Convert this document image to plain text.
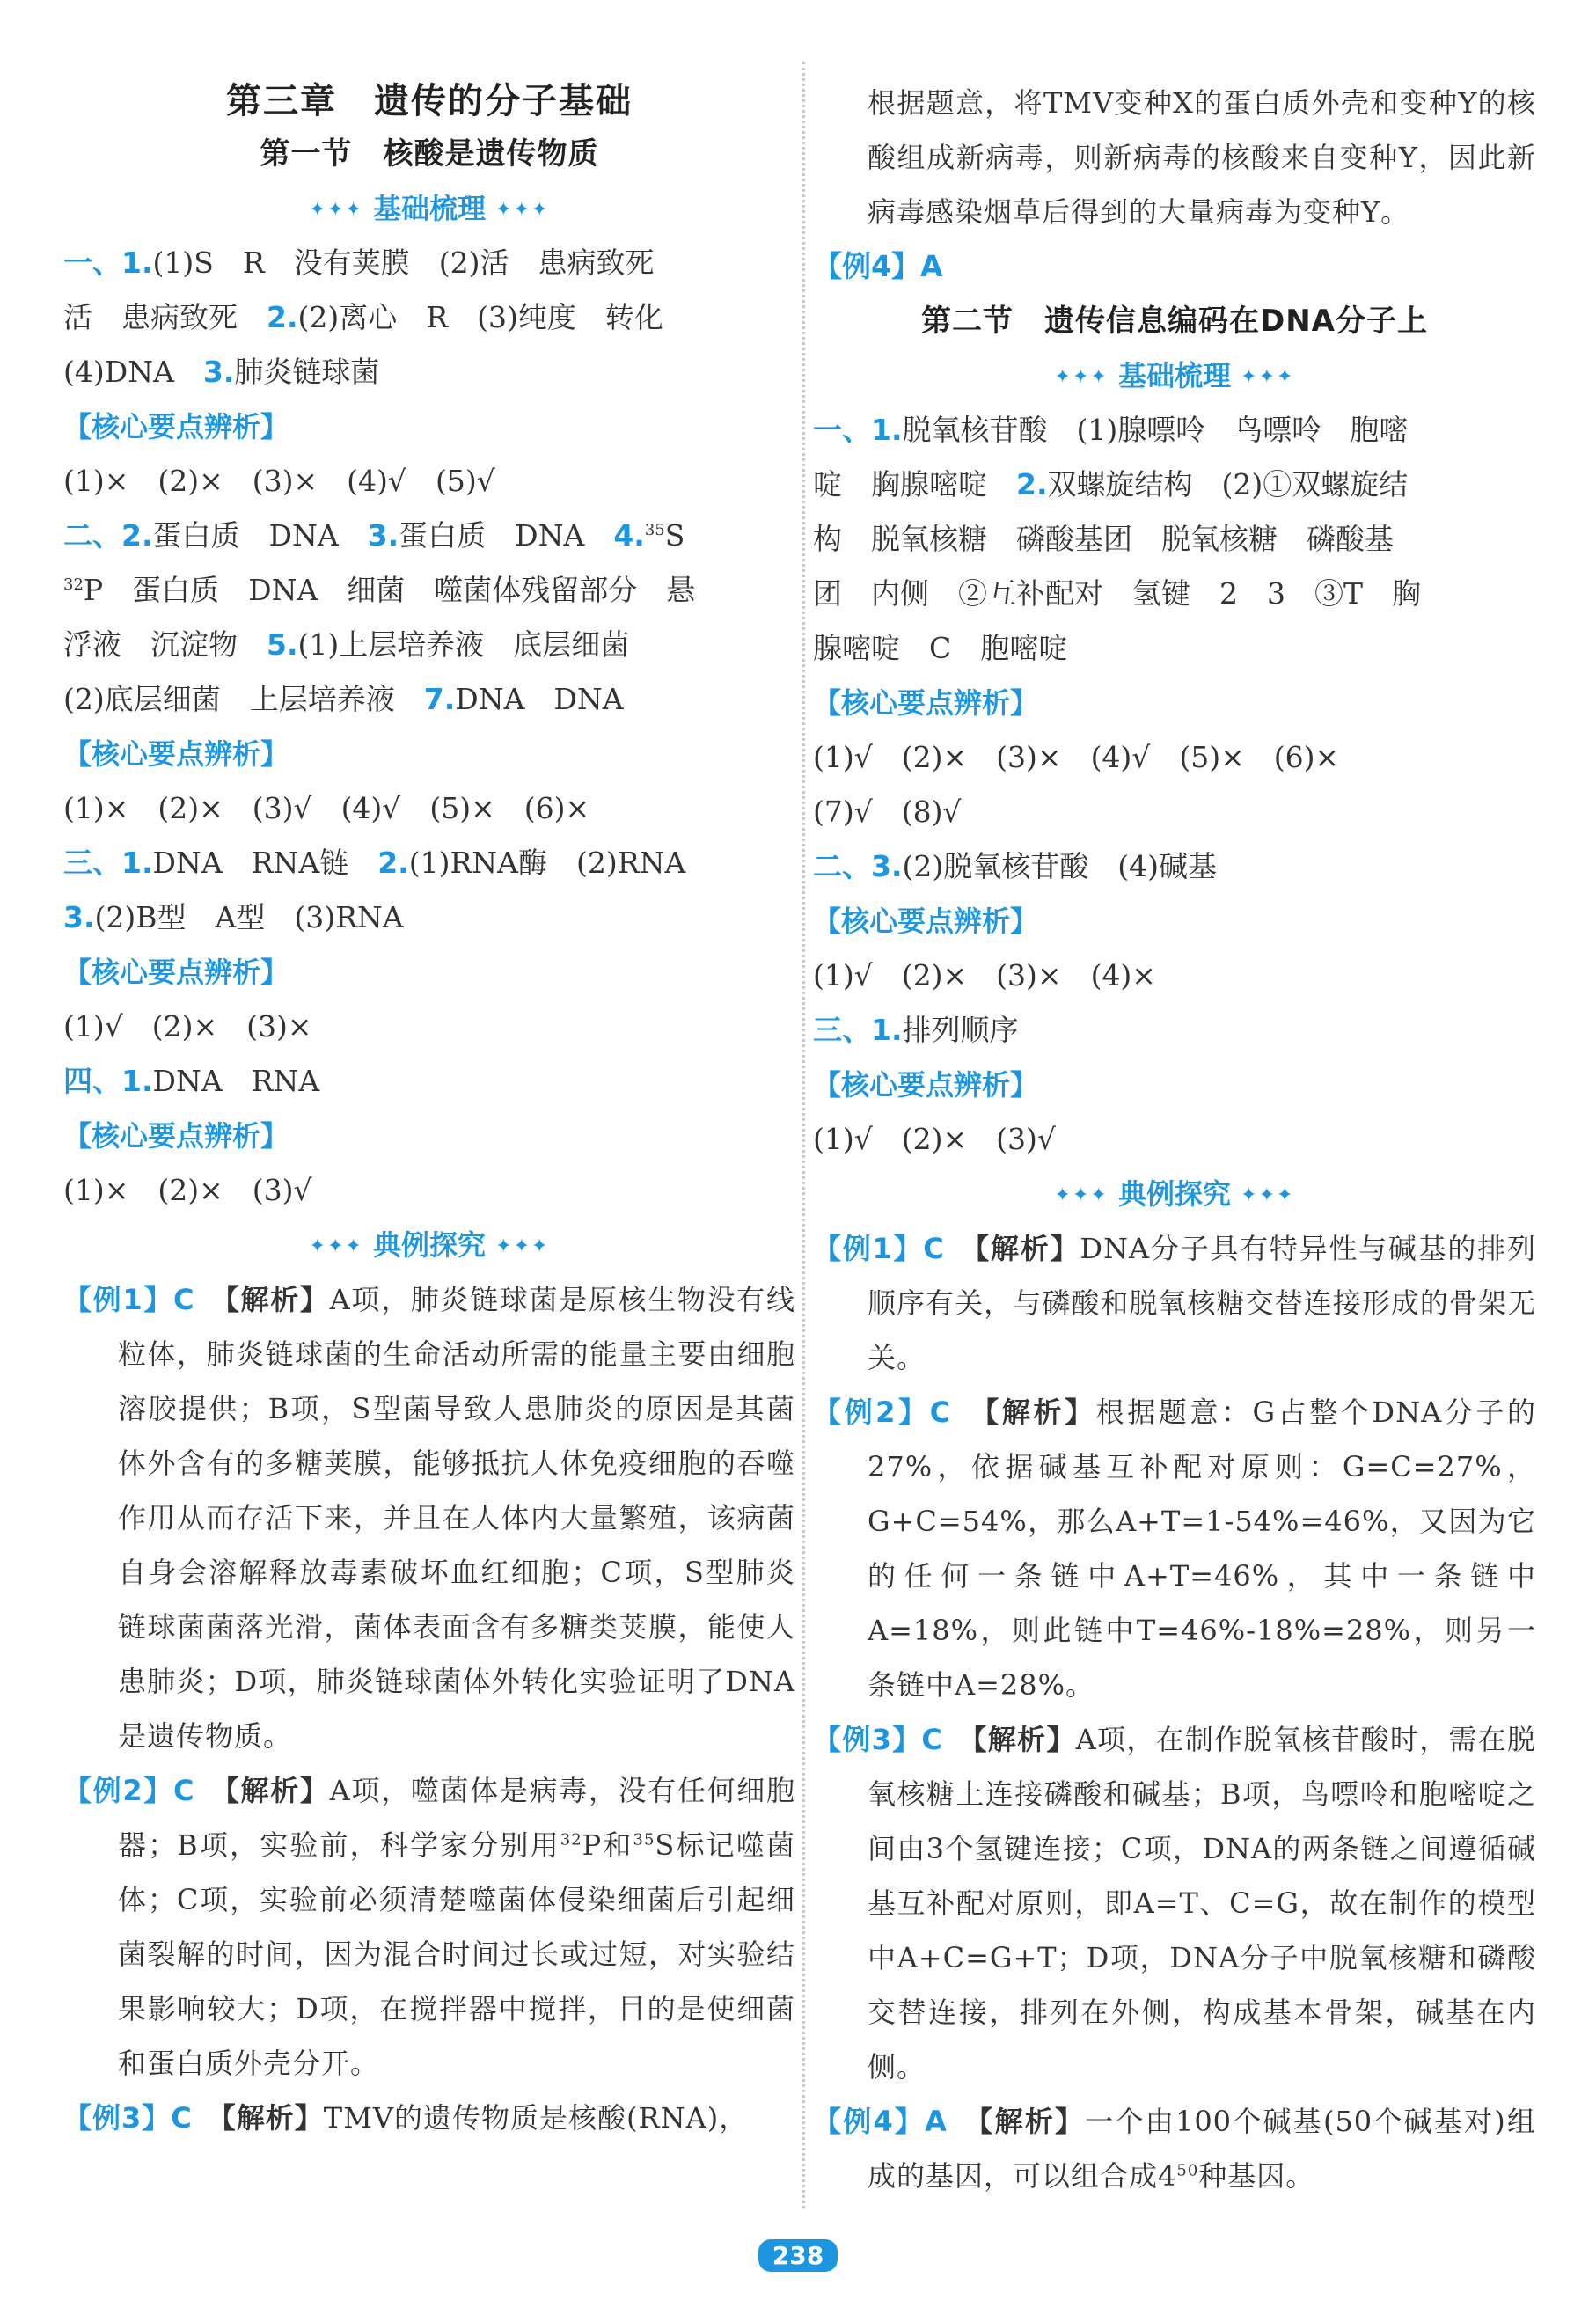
第三章　遗传的分子基础
第一节　核酸是遗传物质
✦✦✦ 基础梳理 ✦✦✦
一、1.(1)S　R　没有荚膜　(2)活　患病致死
活　患病致死　2.(2)离心　R　(3)纯度　转化
(4)DNA　3.肺炎链球菌
【核心要点辨析】
(1)×　(2)×　(3)×　(4)√　(5)√
二、2.蛋白质　DNA　3.蛋白质　DNA　4.35S
$^{32}$P　蛋白质　DNA　细菌　噬菌体残留部分　悬
浮液　沉淀物　5.(1)上层培养液　底层细菌
(2)底层细菌　上层培养液　7.DNA　DNA
【核心要点辨析】
(1)×　(2)×　(3)√　(4)√　(5)×　(6)×
三、1.DNA　RNA链　2.(1)RNA酶　(2)RNA
3.(2)B型　A型　(3)RNA
【核心要点辨析】
(1)√　(2)×　(3)×
四、1.DNA　RNA
【核心要点辨析】
(1)×　(2)×　(3)√
✦✦✦ 典例探究 ✦✦✦
【例1】C　 【解析】A项，肺炎链球菌是原核生物没有线粒体，肺炎链球菌的生命活动所需的能量主要由细胞溶胶提供；B项，S型菌导致人患肺炎的原因是其菌体外含有的多糖荚膜，能够抵抗人体免疫细胞的吞噬作用从而存活下来，并且在人体内大量繁殖，该病菌自身会溶解释放毒素破坏血红细胞；C项，S型肺炎链球菌菌落光滑，菌体表面含有多糖类荚膜，能使人患肺炎；D项，肺炎链球菌体外转化实验证明了DNA是遗传物质。
【例2】C　 【解析】A项，噬菌体是病毒，没有任何细胞器；B项，实验前，科学家分别用$^{32}$P和$^{35}$S标记噬菌体；C项，实验前必须清楚噬菌体侵染细菌后引起细菌裂解的时间，因为混合时间过长或过短，对实验结果影响较大；D项，在搅拌器中搅拌，目的是使细菌和蛋白质外壳分开。
【例3】C　 【解析】TMV的遗传物质是核酸(RNA)，
根据题意，将TMV变种X的蛋白质外壳和变种Y的核酸组成新病毒，则新病毒的核酸来自变种Y，因此新病毒感染烟草后得到的大量病毒为变种Y。
【例4】A
第二节　遗传信息编码在DNA分子上
✦✦✦ 基础梳理 ✦✦✦
一、1.脱氧核苷酸　(1)腺嘌呤　鸟嘌呤　胞嘧
啶　胸腺嘧啶　2.双螺旋结构　(2)①双螺旋结
构　脱氧核糖　磷酸基团　脱氧核糖　磷酸基
团　内侧　②互补配对　氢键　2　3　③T　胸
腺嘧啶　C　胞嘧啶
【核心要点辨析】
(1)√　(2)×　(3)×　(4)√　(5)×　(6)×
(7)√　(8)√
二、3.(2)脱氧核苷酸　(4)碱基
【核心要点辨析】
(1)√　(2)×　(3)×　(4)×
三、1.排列顺序
【核心要点辨析】
(1)√　(2)×　(3)√
✦✦✦ 典例探究 ✦✦✦
【例1】C　 【解析】DNA分子具有特异性与碱基的排列顺序有关，与磷酸和脱氧核糖交替连接形成的骨架无关。
【例2】C　 【解析】根据题意：G占整个DNA分子的27%，依据碱基互补配对原则：G=C=27%，G+C=54%，那么A+T=1-54%=46%，又因为它的任何一条链中A+T=46%，其中一条链中A=18%，则此链中T=46%-18%=28%，则另一条链中A=28%。
【例3】C　 【解析】A项，在制作脱氧核苷酸时，需在脱氧核糖上连接磷酸和碱基；B项，鸟嘌呤和胞嘧啶之间由3个氢键连接；C项，DNA的两条链之间遵循碱基互补配对原则，即A=T、C=G，故在制作的模型中A+C=G+T；D项，DNA分子中脱氧核糖和磷酸交替连接，排列在外侧，构成基本骨架，碱基在内侧。
【例4】A　 【解析】一个由100个碱基(50个碱基对)组成的基因，可以组合成$4^{50}$种基因。
238
